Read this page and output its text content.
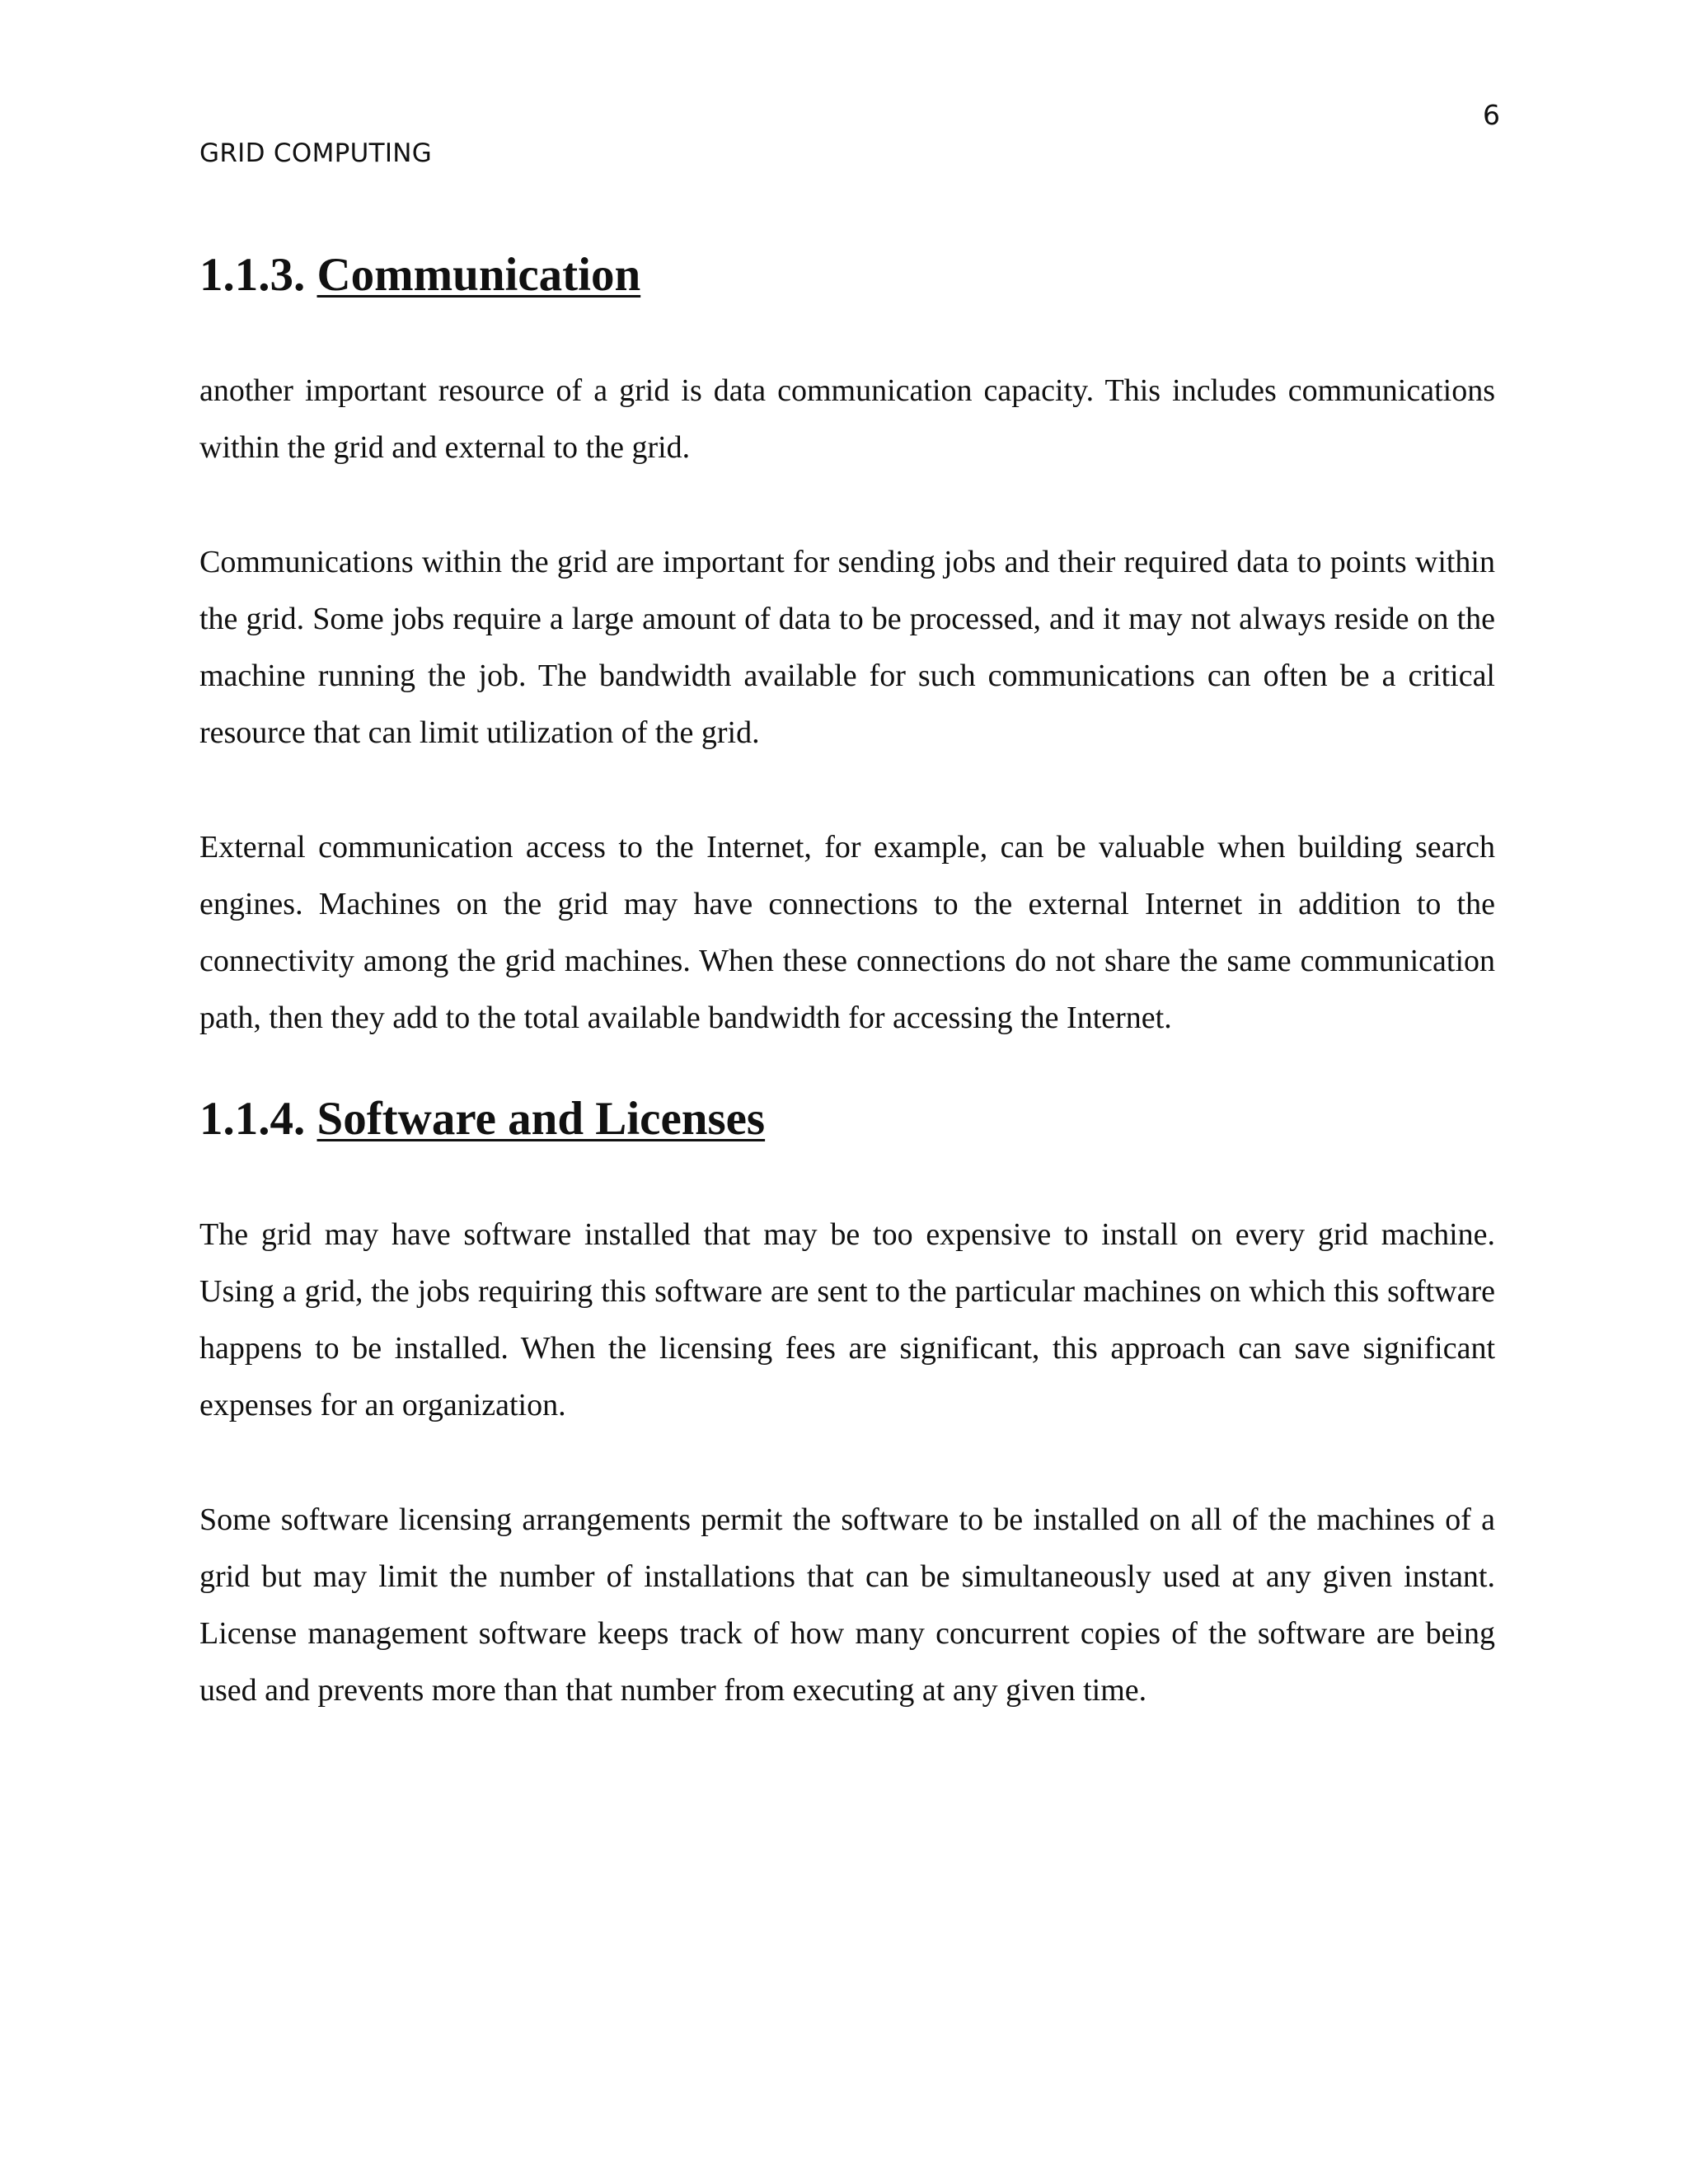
6
GRID COMPUTING
1.1.3. Communication

another important resource of a grid is data communication capacity. This includes communications within the grid and external to the grid.

Communications within the grid are important for sending jobs and their required data to points within the grid. Some jobs require a large amount of data to be processed, and it may not always reside on the machine running the job. The bandwidth available for such communications can often be a critical resource that can limit utilization of the grid.

External communication access to the Internet, for example, can be valuable when building search engines. Machines on the grid may have connections to the external Internet in addition to the connectivity among the grid machines. When these connections do not share the same communication path, then they add to the total available bandwidth for accessing the Internet.

1.1.4. Software and Licenses

The grid may have software installed that may be too expensive to install on every grid machine. Using a grid, the jobs requiring this software are sent to the particular machines on which this software happens to be installed. When the licensing fees are significant, this approach can save significant expenses for an organization.

Some software licensing arrangements permit the software to be installed on all of the machines of a grid but may limit the number of installations that can be simultaneously used at any given instant. License management software keeps track of how many concurrent copies of the software are being used and prevents more than that number from executing at any given time.
